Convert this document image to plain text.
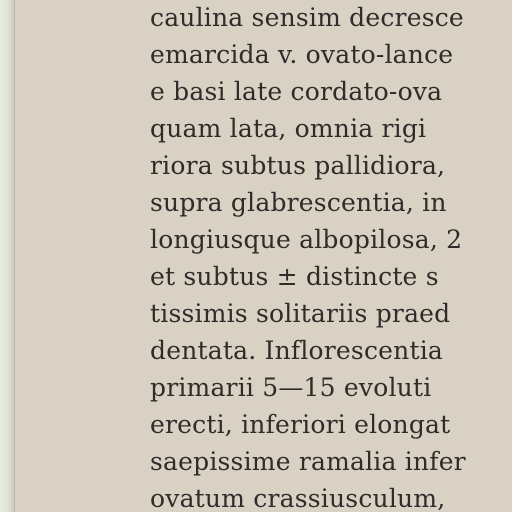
caulina sensim decresce
emarcida v. ovato-lance
e basi late cordato-ova
quam lata, omnia rigi
riora subtus pallidiora,
supra glabrescentia, in
longiusque albopilosa, 2
et subtus ± distincte s
tissimis solitariis praed
dentata. Inflorescentia
primarii 5—15 evoluti
erecti, inferiori elongat
saepissime ramalia infer
ovatum crassiusculum,
